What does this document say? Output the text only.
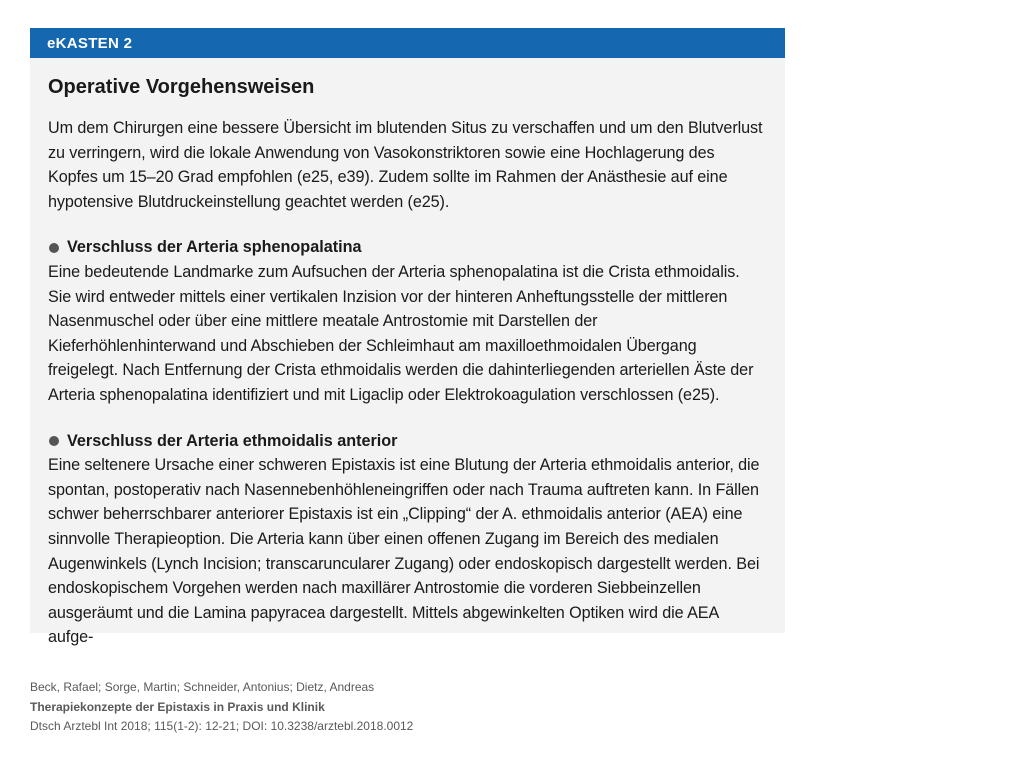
eKASTEN 2
Operative Vorgehensweisen

Um dem Chirurgen eine bessere Übersicht im blutenden Situs zu verschaffen und um den Blutverlust zu verringern, wird die lokale Anwendung von Vasokonstriktoren sowie eine Hochlagerung des Kopfes um 15–20 Grad empfohlen (e25, e39). Zudem sollte im Rahmen der Anästhesie auf eine hypotensive Blutdruckeinstellung geachtet werden (e25).

Verschluss der Arteria sphenopalatina

Eine bedeutende Landmarke zum Aufsuchen der Arteria sphenopalatina ist die Crista ethmoidalis. Sie wird entweder mittels einer vertikalen Inzision vor der hinteren Anheftungsstelle der mittleren Nasenmuschel oder über eine mittlere meatale Antrostomie mit Darstellen der Kieferhöhlenhinterwand und Abschieben der Schleimhaut am maxilloethmoidalen Übergang freigelegt. Nach Entfernung der Crista ethmoidalis werden die dahinterliegenden arteriellen Äste der Arteria sphenopalatina identifiziert und mit Ligaclip oder Elektrokoagulation verschlossen (e25).

Verschluss der Arteria ethmoidalis anterior

Eine seltenere Ursache einer schweren Epistaxis ist eine Blutung der Arteria ethmoidalis anterior, die spontan, postoperativ nach Nasennebenhöhleneingriffen oder nach Trauma auftreten kann. In Fällen schwer beherrschbarer anteriorer Epistaxis ist ein „Clipping“ der A. ethmoidalis anterior (AEA) eine sinnvolle Therapieoption. Die Arteria kann über einen offenen Zugang im Bereich des medialen Augenwinkels (Lynch Incision; transcaruncularer Zugang) oder endoskopisch dargestellt werden. Bei endoskopischem Vorgehen werden nach maxillärer Antrostomie die vorderen Siebbeinzellen ausgeräumt und die Lamina papyracea dargestellt. Mittels abgewinkelten Optiken wird die AEA aufge-

Beck, Rafael; Sorge, Martin; Schneider, Antonius; Dietz, Andreas
Therapiekonzepte der Epistaxis in Praxis und Klinik
Dtsch Arztebl Int 2018; 115(1-2): 12-21; DOI: 10.3238/arztebl.2018.0012
